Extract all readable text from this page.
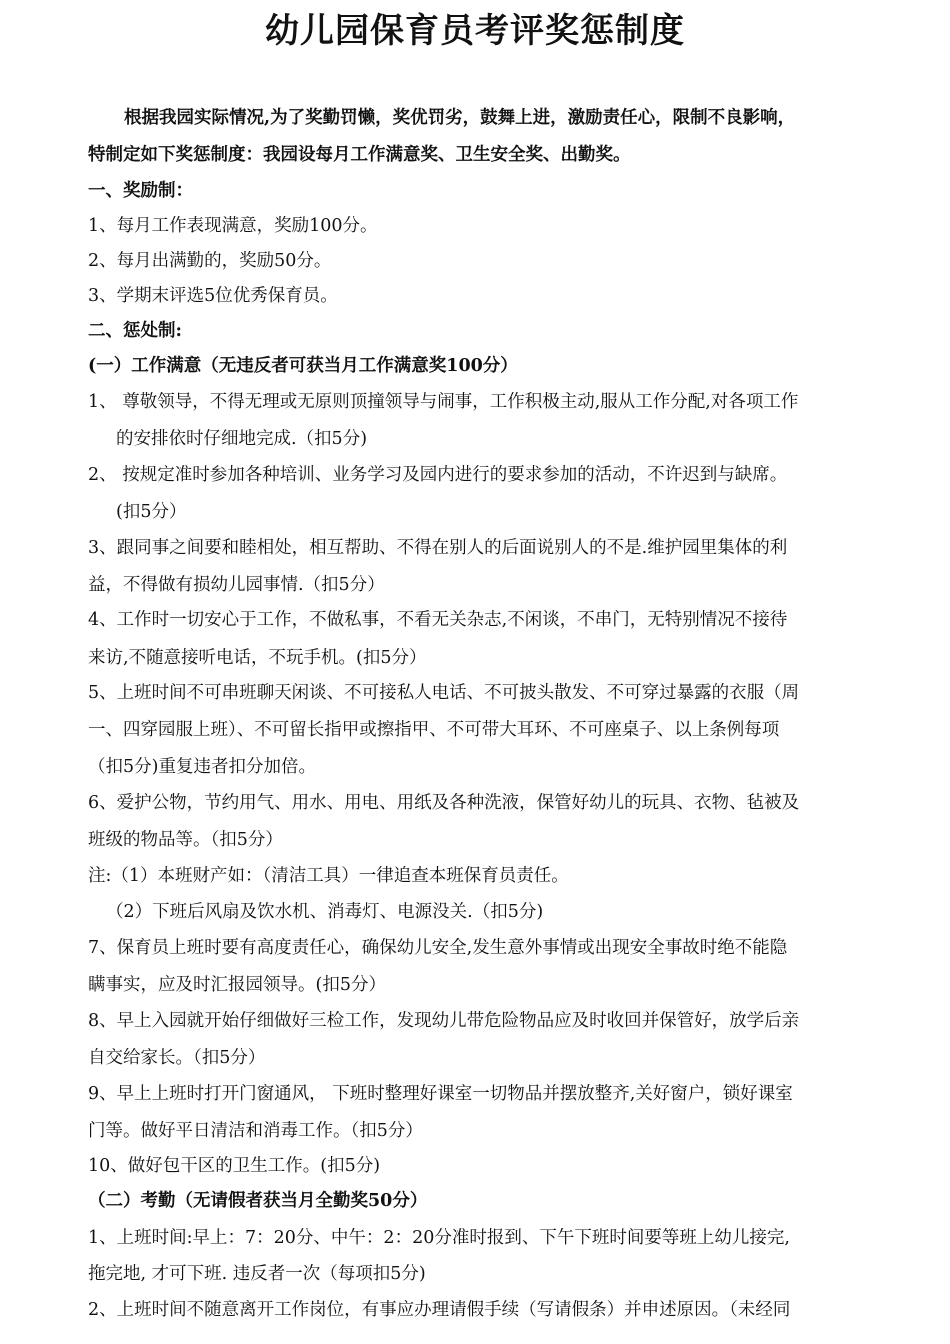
幼儿园保育员考评奖惩制度
根据我园实际情况,为了奖勤罚懒，奖优罚劣，鼓舞上进，激励责任心，限制不良影响，
特制定如下奖惩制度：我园设每月工作满意奖、卫生安全奖、出勤奖。
一、奖励制：
1、每月工作表现满意，奖励100分。
2、每月出满勤的，奖励50分。
3、学期末评选5位优秀保育员。
二、惩处制:
(一）工作满意（无违反者可获当月工作满意奖100分）
1、 尊敬领导，不得无理或无原则顶撞领导与闹事，工作积极主动,服从工作分配,对各项工作
的安排依时仔细地完成.（扣5分)
2、 按规定准时参加各种培训、业务学习及园内进行的要求参加的活动，不许迟到与缺席。
(扣5分）
3、跟同事之间要和睦相处，相互帮助、不得在别人的后面说别人的不是.维护园里集体的利
益，不得做有损幼儿园事情.（扣5分）
4、工作时一切安心于工作，不做私事，不看无关杂志,不闲谈，不串门，无特别情况不接待
来访,不随意接听电话，不玩手机。(扣5分）
5、上班时间不可串班聊天闲谈、不可接私人电话、不可披头散发、不可穿过暴露的衣服（周
一、四穿园服上班）、不可留长指甲或擦指甲、不可带大耳环、不可座桌子、以上条例每项
（扣5分)重复违者扣分加倍。
6、爱护公物，节约用气、用水、用电、用纸及各种洗液，保管好幼儿的玩具、衣物、毡被及
班级的物品等。（扣5分）
注:（1）本班财产如：（清洁工具）一律追查本班保育员责任。
（2）下班后风扇及饮水机、消毒灯、电源没关.（扣5分)
7、保育员上班时要有高度责任心，确保幼儿安全,发生意外事情或出现安全事故时绝不能隐
瞒事实，应及时汇报园领导。(扣5分）
8、早上入园就开始仔细做好三检工作，发现幼儿带危险物品应及时收回并保管好，放学后亲
自交给家长。（扣5分）
9、早上上班时打开门窗通风， 下班时整理好课室一切物品并摆放整齐,关好窗户，锁好课室
门等。做好平日清洁和消毒工作。（扣5分）
10、做好包干区的卫生工作。(扣5分)
（二）考勤（无请假者获当月全勤奖50分）
1、上班时间:早上：7：20分、中午：2：20分准时报到、下午下班时间要等班上幼儿接完,
拖完地, 才可下班. 违反者一次（每项扣5分)
2、上班时间不随意离开工作岗位，有事应办理请假手续（写请假条）并申述原因。（未经同
